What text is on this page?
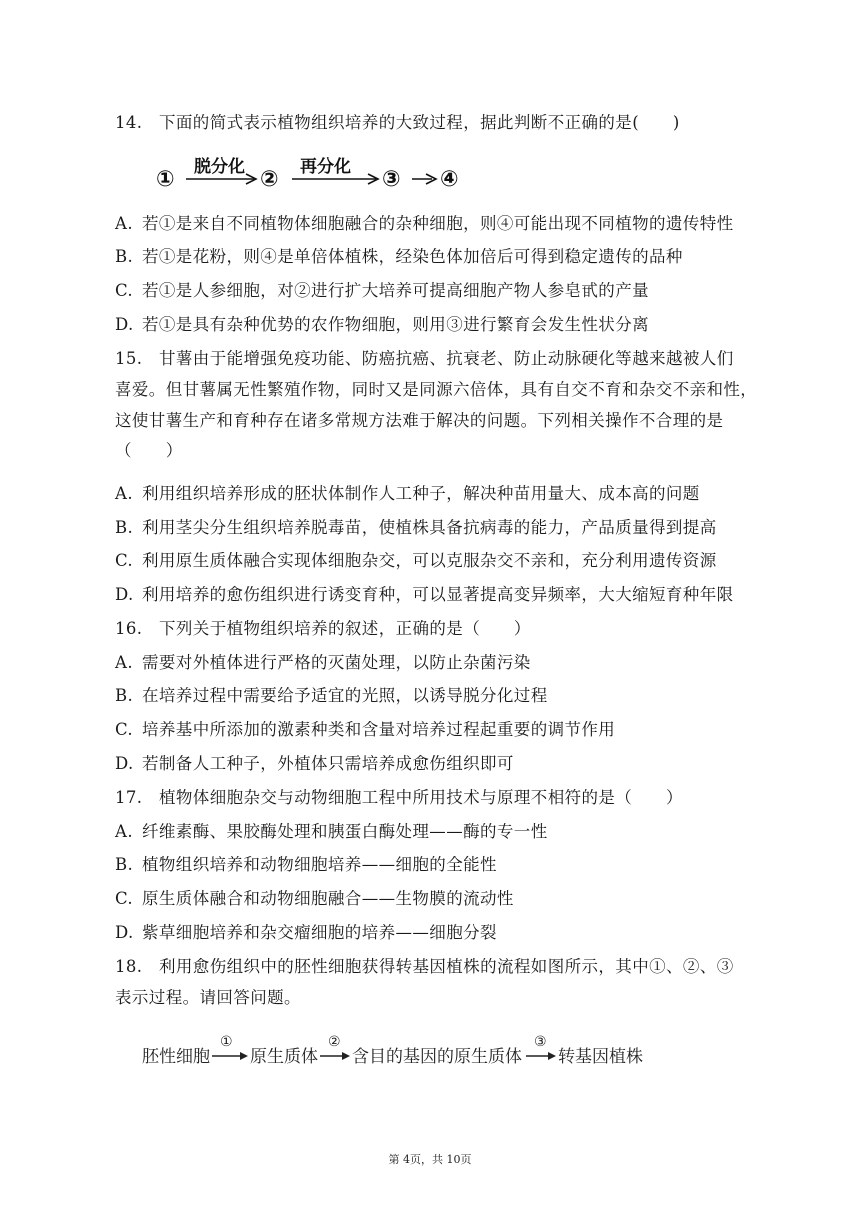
14. 下面的简式表示植物组织培养的大致过程，据此判断不正确的是(　　)
① 脱分化 ② 再分化 ③ ④
A. 若①是来自不同植物体细胞融合的杂种细胞，则④可能出现不同植物的遗传特性
B. 若①是花粉，则④是单倍体植株，经染色体加倍后可得到稳定遗传的品种
C. 若①是人参细胞，对②进行扩大培养可提高细胞产物人参皂甙的产量
D. 若①是具有杂种优势的农作物细胞，则用③进行繁育会发生性状分离
15. 甘薯由于能增强免疫功能、防癌抗癌、抗衰老、防止动脉硬化等越来越被人们
喜爱。但甘薯属无性繁殖作物，同时又是同源六倍体，具有自交不育和杂交不亲和性，
这使甘薯生产和育种存在诸多常规方法难于解决的问题。下列相关操作不合理的是
（　　）
A. 利用组织培养形成的胚状体制作人工种子，解决种苗用量大、成本高的问题
B. 利用茎尖分生组织培养脱毒苗，使植株具备抗病毒的能力，产品质量得到提高
C. 利用原生质体融合实现体细胞杂交，可以克服杂交不亲和，充分利用遗传资源
D. 利用培养的愈伤组织进行诱变育种，可以显著提高变异频率，大大缩短育种年限
16. 下列关于植物组织培养的叙述，正确的是（　　）
A. 需要对外植体进行严格的灭菌处理，以防止杂菌污染
B. 在培养过程中需要给予适宜的光照，以诱导脱分化过程
C. 培养基中所添加的激素种类和含量对培养过程起重要的调节作用
D. 若制备人工种子，外植体只需培养成愈伤组织即可
17. 植物体细胞杂交与动物细胞工程中所用技术与原理不相符的是（　　）
A. 纤维素酶、果胶酶处理和胰蛋白酶处理——酶的专一性
B. 植物组织培养和动物细胞培养——细胞的全能性
C. 原生质体融合和动物细胞融合——生物膜的流动性
D. 紫草细胞培养和杂交瘤细胞的培养——细胞分裂
18. 利用愈伤组织中的胚性细胞获得转基因植株的流程如图所示，其中①、②、③
表示过程。请回答问题。
胚性细胞
①
原生质体
②
含目的基因的原生质体
③
转基因植株
第 4页，共 10页
